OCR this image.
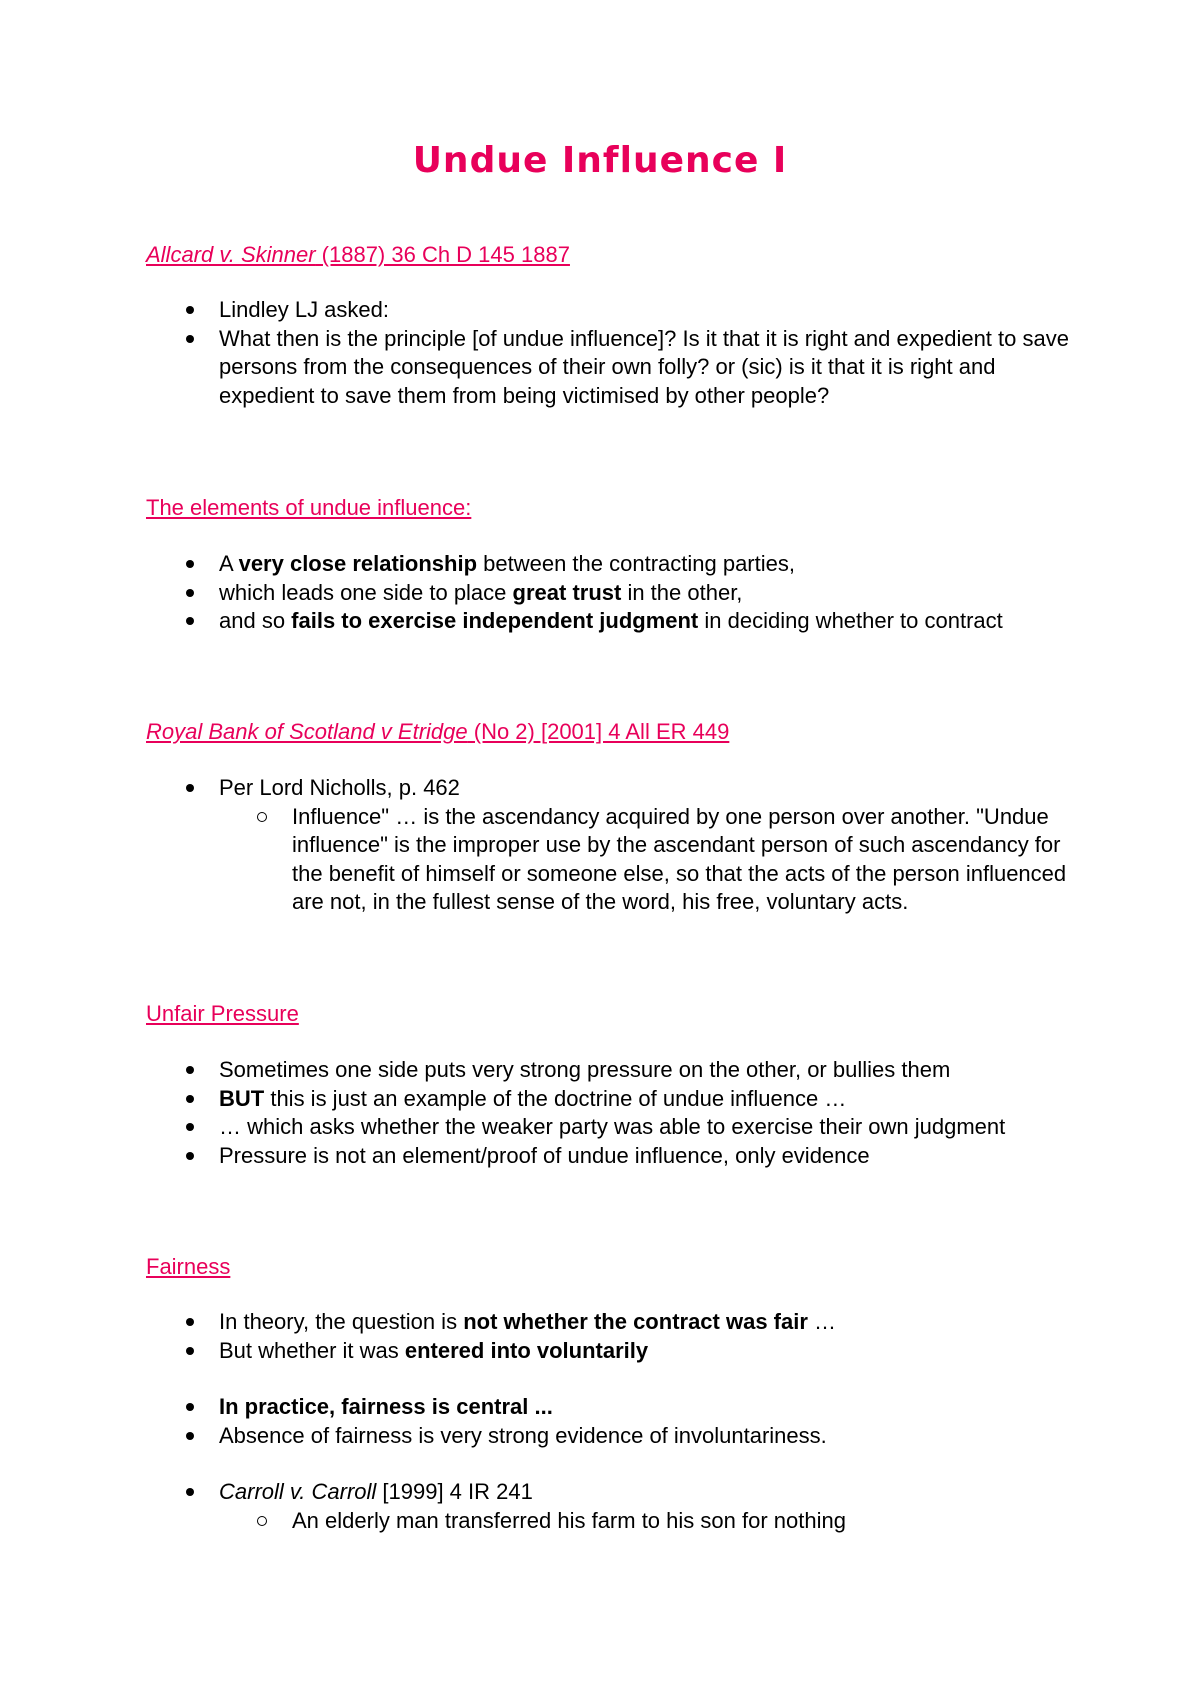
Undue Influence I
Allcard v. Skinner (1887) 36 Ch D 145 1887
Lindley LJ asked:
What then is the principle [of undue influence]? Is it that it is right and expedient to save persons from the consequences of their own folly? or (sic) is it that it is right and expedient to save them from being victimised by other people?
The elements of undue influence:
A very close relationship between the contracting parties,
which leads one side to place great trust in the other,
and so fails to exercise independent judgment in deciding whether to contract
Royal Bank of Scotland v Etridge (No 2) [2001] 4 All ER 449
Per Lord Nicholls, p. 462
Influence" … is the ascendancy acquired by one person over another. "Undue influence" is the improper use by the ascendant person of such ascendancy for the benefit of himself or someone else, so that the acts of the person influenced are not, in the fullest sense of the word, his free, voluntary acts.
Unfair Pressure
Sometimes one side puts very strong pressure on the other, or bullies them
BUT this is just an example of the doctrine of undue influence …
… which asks whether the weaker party was able to exercise their own judgment
Pressure is not an element/proof of undue influence, only evidence
Fairness
In theory, the question is not whether the contract was fair …
But whether it was entered into voluntarily
In practice, fairness is central ...
Absence of fairness is very strong evidence of involuntariness.
Carroll v. Carroll [1999] 4 IR 241
An elderly man transferred his farm to his son for nothing
